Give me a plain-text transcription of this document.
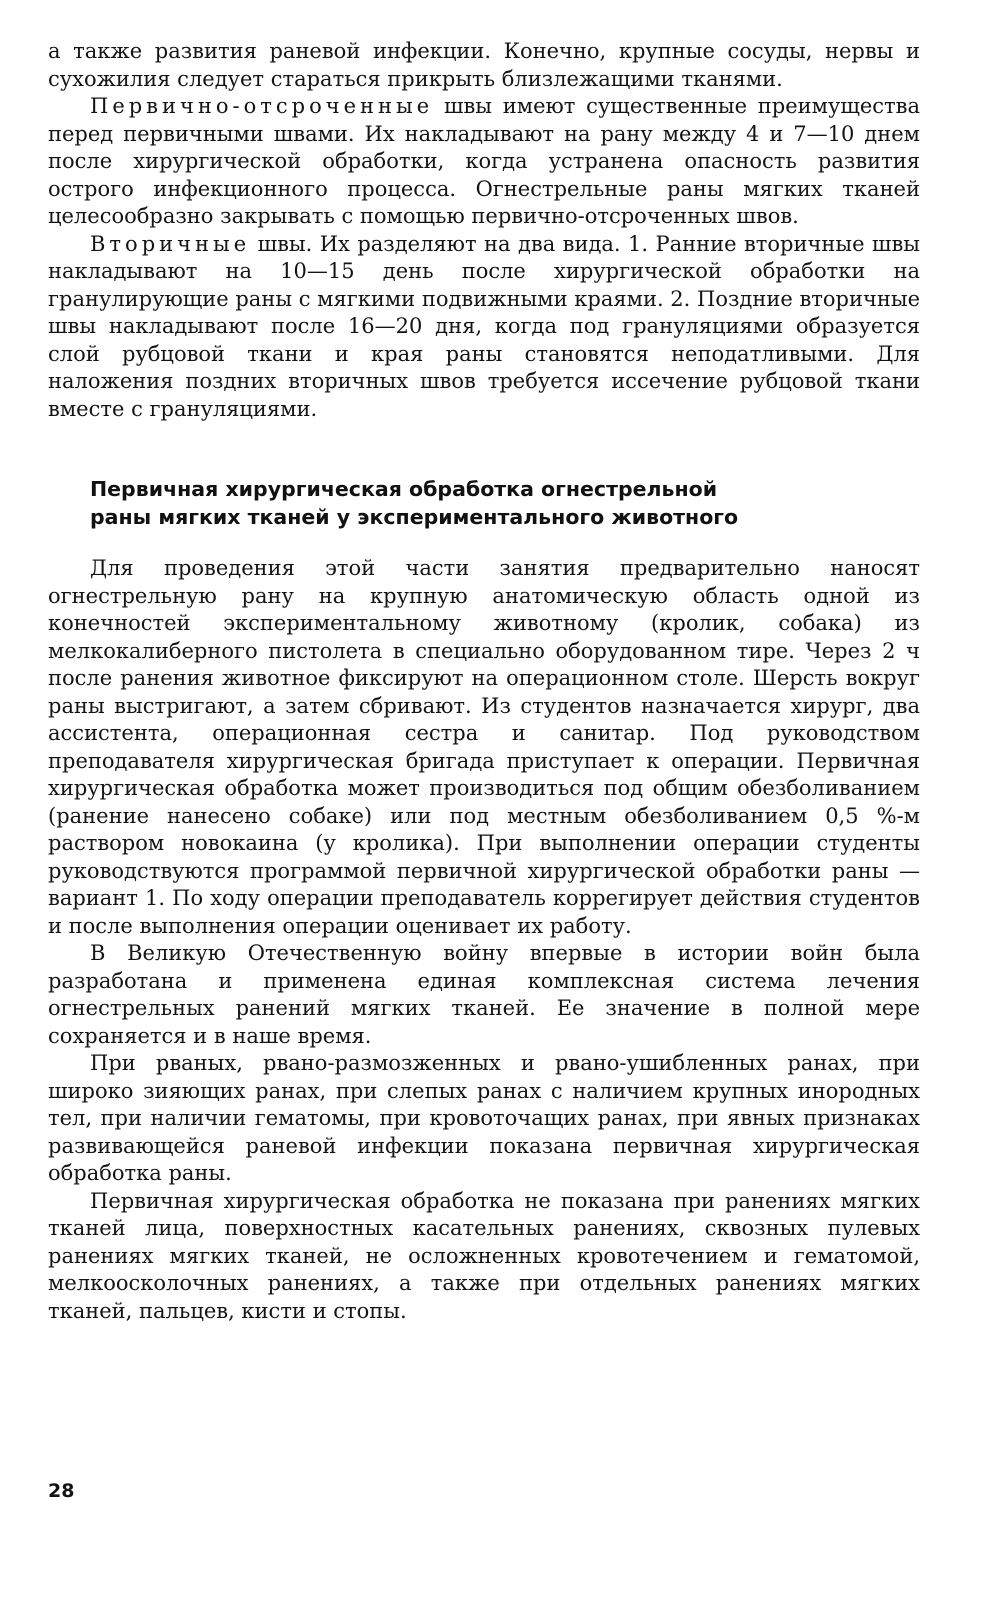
а также развития раневой инфекции. Конечно, крупные сосуды, нервы и сухожилия следует стараться прикрыть близлежащими тканями.

Первично-отсроченные швы имеют существенные преимущества перед первичными швами. Их накладывают на рану между 4 и 7—10 днем после хирургической обработки, когда устранена опасность развития острого инфекционного процесса. Огнестрельные раны мягких тканей целесообразно закрывать с помощью первично-отсроченных швов.

Вторичные швы. Их разделяют на два вида. 1. Ранние вторичные швы накладывают на 10—15 день после хирургической обработки на гранулирующие раны с мягкими подвижными краями. 2. Поздние вторичные швы накладывают после 16—20 дня, когда под грануляциями образуется слой рубцовой ткани и края раны становятся неподатливыми. Для наложения поздних вторичных швов требуется иссечение рубцовой ткани вместе с грануляциями.

Первичная хирургическая обработка огнестрельной
раны мягких тканей у экспериментального животного

Для проведения этой части занятия предварительно наносят огнестрельную рану на крупную анатомическую область одной из конечностей экспериментальному животному (кролик, собака) из мелкокалиберного пистолета в специально оборудованном тире. Через 2 ч после ранения животное фиксируют на операционном столе. Шерсть вокруг раны выстригают, а затем сбривают. Из студентов назначается хирург, два ассистента, операционная сестра и санитар. Под руководством преподавателя хирургическая бригада приступает к операции. Первичная хирургическая обработка может производиться под общим обезболиванием (ранение нанесено собаке) или под местным обезболиванием 0,5 %-м раствором новокаина (у кролика). При выполнении операции студенты руководствуются программой первичной хирургической обработки раны — вариант 1. По ходу операции преподаватель коррегирует действия студентов и после выполнения операции оценивает их работу.

В Великую Отечественную войну впервые в истории войн была разработана и применена единая комплексная система лечения огнестрельных ранений мягких тканей. Ее значение в полной мере сохраняется и в наше время.

При рваных, рвано-размозженных и рвано-ушибленных ранах, при широко зияющих ранах, при слепых ранах с наличием крупных инородных тел, при наличии гематомы, при кровоточащих ранах, при явных признаках развивающейся раневой инфекции показана первичная хирургическая обработка раны.

Первичная хирургическая обработка не показана при ранениях мягких тканей лица, поверхностных касательных ранениях, сквозных пулевых ранениях мягких тканей, не осложненных кровотечением и гематомой, мелкоосколочных ранениях, а также при отдельных ранениях мягких тканей, пальцев, кисти и стопы.

28
